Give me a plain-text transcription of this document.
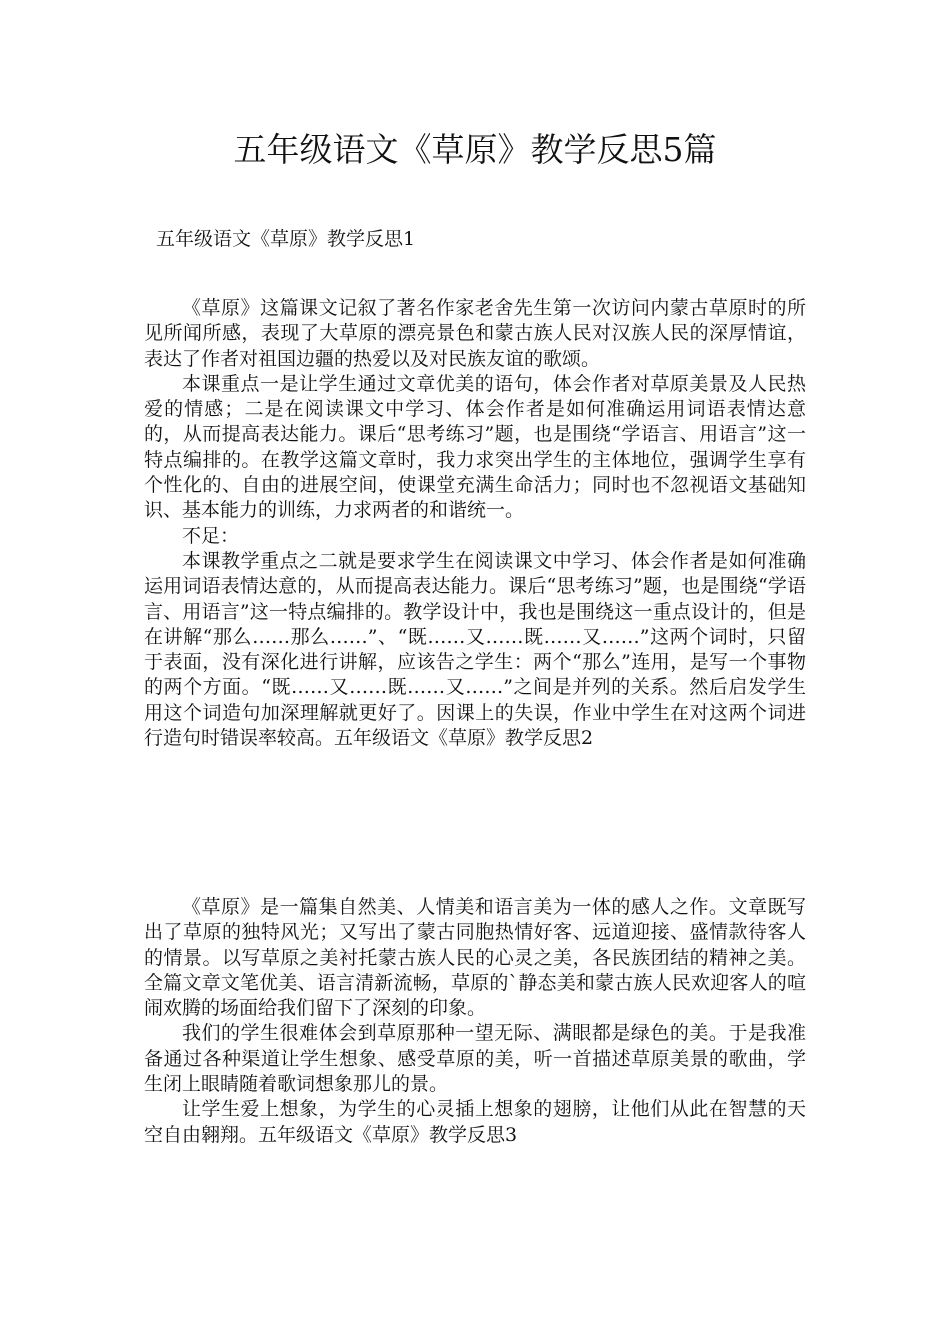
五年级语文《草原》教学反思5篇
五年级语文《草原》教学反思1

《草原》这篇课文记叙了著名作家老舍先生第一次访问内蒙古草原时的所见所闻所感，表现了大草原的漂亮景色和蒙古族人民对汉族人民的深厚情谊，表达了作者对祖国边疆的热爱以及对民族友谊的歌颂。

本课重点一是让学生通过文章优美的语句，体会作者对草原美景及人民热爱的情感；二是在阅读课文中学习、体会作者是如何准确运用词语表情达意的，从而提高表达能力。课后“思考练习”题，也是围绕“学语言、用语言”这一特点编排的。在教学这篇文章时，我力求突出学生的主体地位，强调学生享有个性化的、自由的进展空间，使课堂充满生命活力；同时也不忽视语文基础知识、基本能力的训练，力求两者的和谐统一。

不足：

本课教学重点之二就是要求学生在阅读课文中学习、体会作者是如何准确运用词语表情达意的，从而提高表达能力。课后“思考练习”题，也是围绕“学语言、用语言”这一特点编排的。教学设计中，我也是围绕这一重点设计的，但是在讲解“那么……那么……”、“既……又……既……又……”这两个词时，只留于表面，没有深化进行讲解，应该告之学生：两个“那么”连用，是写一个事物的两个方面。“既……又……既……又……”之间是并列的关系。然后启发学生用这个词造句加深理解就更好了。因课上的失误，作业中学生在对这两个词进行造句时错误率较高。五年级语文《草原》教学反思2

《草原》是一篇集自然美、人情美和语言美为一体的感人之作。文章既写出了草原的独特风光；又写出了蒙古同胞热情好客、远道迎接、盛情款待客人的情景。以写草原之美衬托蒙古族人民的心灵之美，各民族团结的精神之美。全篇文章文笔优美、语言清新流畅，草原的`静态美和蒙古族人民欢迎客人的喧闹欢腾的场面给我们留下了深刻的印象。

我们的学生很难体会到草原那种一望无际、满眼都是绿色的美。于是我准备通过各种渠道让学生想象、感受草原的美，听一首描述草原美景的歌曲，学生闭上眼睛随着歌词想象那儿的景。

让学生爱上想象，为学生的心灵插上想象的翅膀，让他们从此在智慧的天空自由翱翔。五年级语文《草原》教学反思3
